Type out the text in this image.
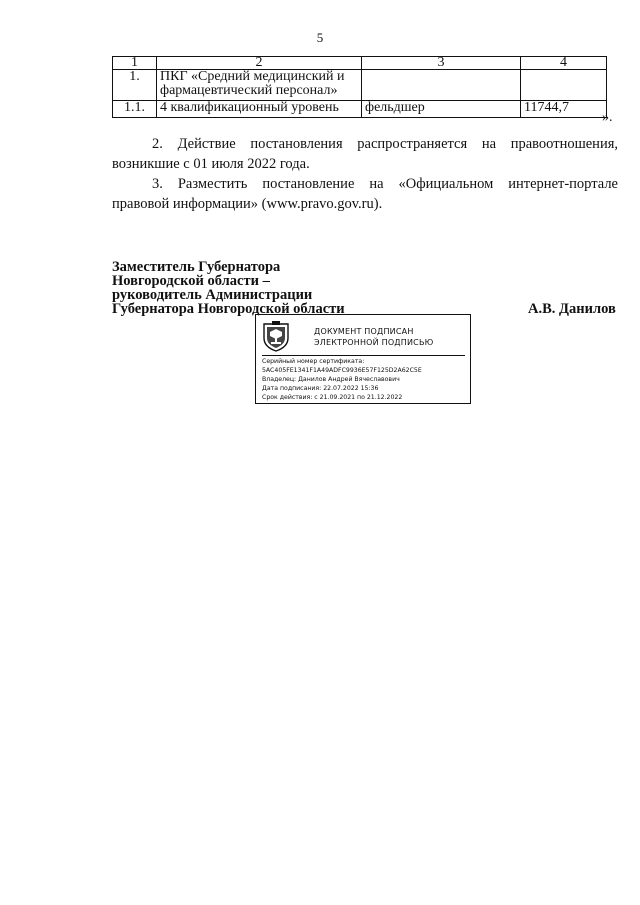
5
1	2	3	4
1.	ПКГ «Средний медицинский и фармацевтический персонал»		
1.1.	4 квалификационный уровень	фельдшер	11744,7
».
2. Действие постановления распространяется на правоотношения, возникшие с 01 июля 2022 года.
3. Разместить постановление на «Официальном интернет-портале правовой информации» (www.pravo.gov.ru).
Заместитель Губернатора
Новгородской области –
руководитель Администрации
Губернатора Новгородской области	А.В. Данилов
ДОКУМЕНТ ПОДПИСАН
ЭЛЕКТРОННОЙ ПОДПИСЬЮ
Серийный номер сертификата:
5AC405FE1341F1A49ADFC9936E57F125D2A62C5E
Владелец: Данилов Андрей Вячеславович
Дата подписания: 22.07.2022 15:36
Срок действия: с 21.09.2021 по 21.12.2022
